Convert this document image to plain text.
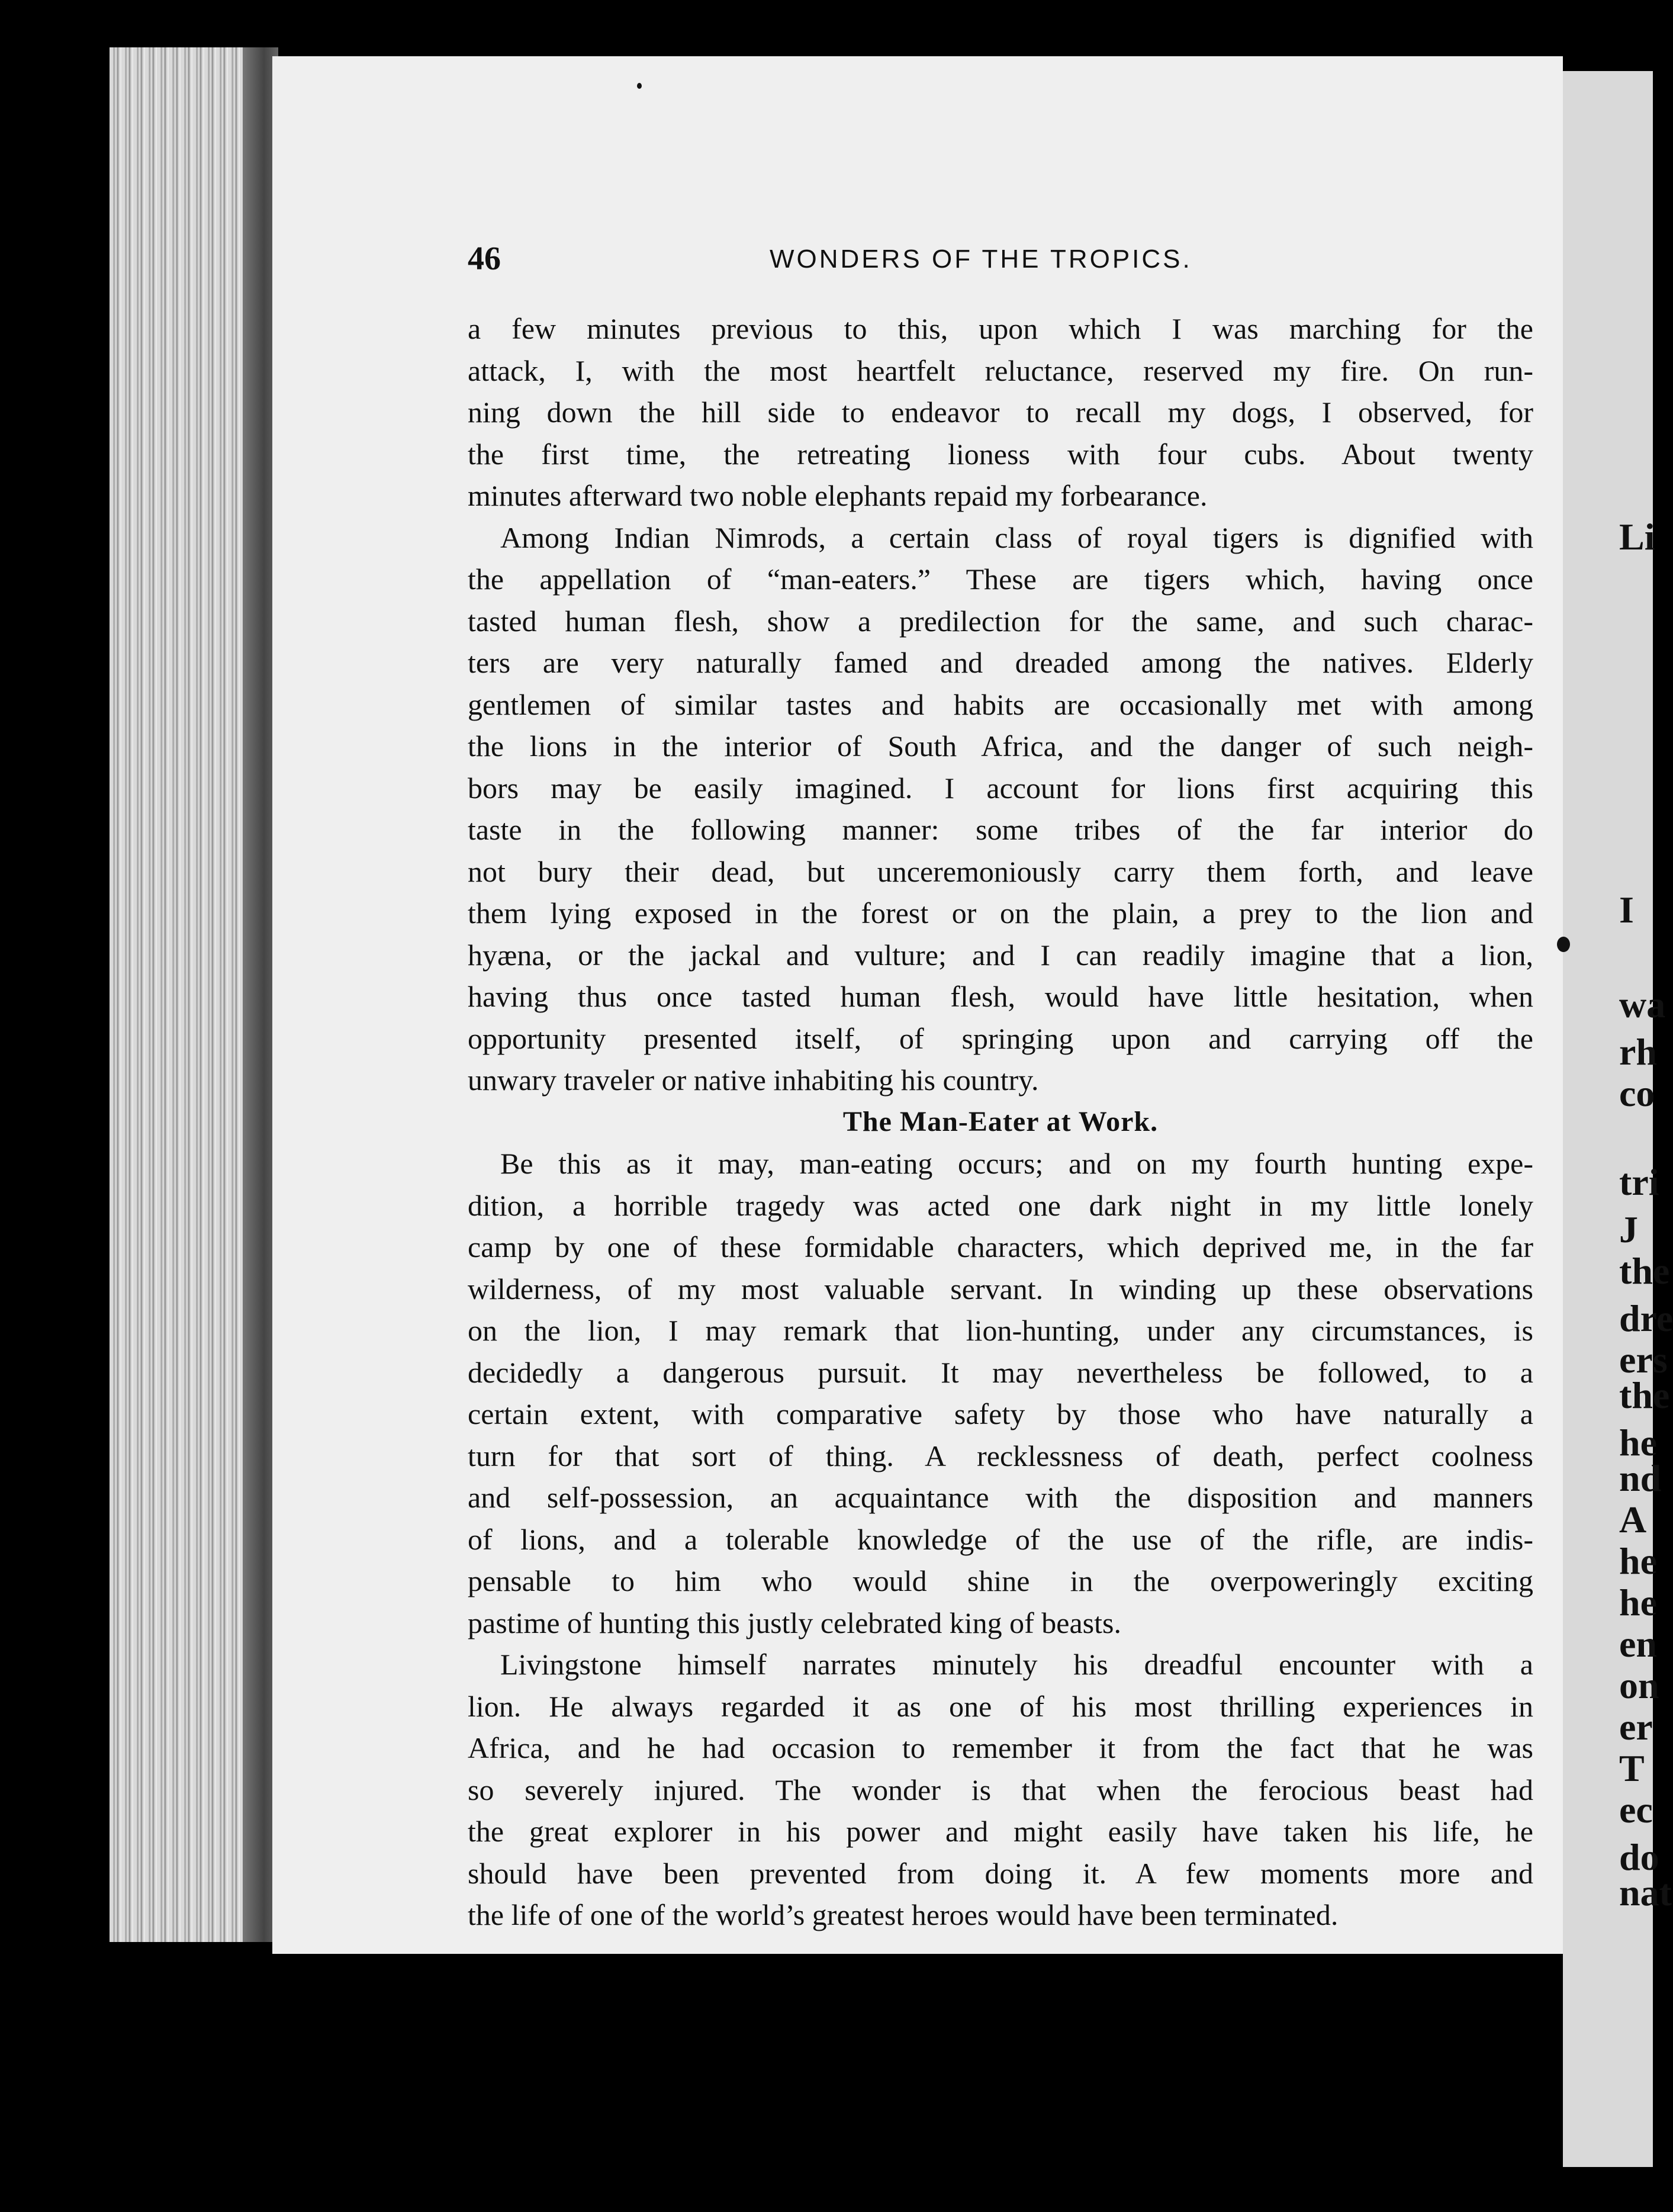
Li
I
wa
rh
co
tri
J
the
dre
ers
the
he
nd
A
he
he
en
on
er
T
ec
do
nat
46	WONDERS OF THE TROPICS.
a few minutes previous to this, upon which I was marching for the
attack, I, with the most heartfelt reluctance, reserved my fire. On run-
ning down the hill side to endeavor to recall my dogs, I observed, for
the first time, the retreating lioness with four cubs. About twenty
minutes afterward two noble elephants repaid my forbearance.
Among Indian Nimrods, a certain class of royal tigers is dignified with
the appellation of “man-eaters.” These are tigers which, having once
tasted human flesh, show a predilection for the same, and such charac-
ters are very naturally famed and dreaded among the natives. Elderly
gentlemen of similar tastes and habits are occasionally met with among
the lions in the interior of South Africa, and the danger of such neigh-
bors may be easily imagined. I account for lions first acquiring this
taste in the following manner: some tribes of the far interior do
not bury their dead, but unceremoniously carry them forth, and leave
them lying exposed in the forest or on the plain, a prey to the lion and
hyæna, or the jackal and vulture; and I can readily imagine that a lion,
having thus once tasted human flesh, would have little hesitation, when
opportunity presented itself, of springing upon and carrying off the
unwary traveler or native inhabiting his country.
The Man-Eater at Work.
Be this as it may, man-eating occurs; and on my fourth hunting expe-
dition, a horrible tragedy was acted one dark night in my little lonely
camp by one of these formidable characters, which deprived me, in the far
wilderness, of my most valuable servant. In winding up these observations
on the lion, I may remark that lion-hunting, under any circumstances, is
decidedly a dangerous pursuit. It may nevertheless be followed, to a
certain extent, with comparative safety by those who have naturally a
turn for that sort of thing. A recklessness of death, perfect coolness
and self-possession, an acquaintance with the disposition and manners
of lions, and a tolerable knowledge of the use of the rifle, are indis-
pensable to him who would shine in the overpoweringly exciting
pastime of hunting this justly celebrated king of beasts.
Livingstone himself narrates minutely his dreadful encounter with a
lion. He always regarded it as one of his most thrilling experiences in
Africa, and he had occasion to remember it from the fact that he was
so severely injured. The wonder is that when the ferocious beast had
the great explorer in his power and might easily have taken his life, he
should have been prevented from doing it. A few moments more and
the life of one of the world’s greatest heroes would have been terminated.
